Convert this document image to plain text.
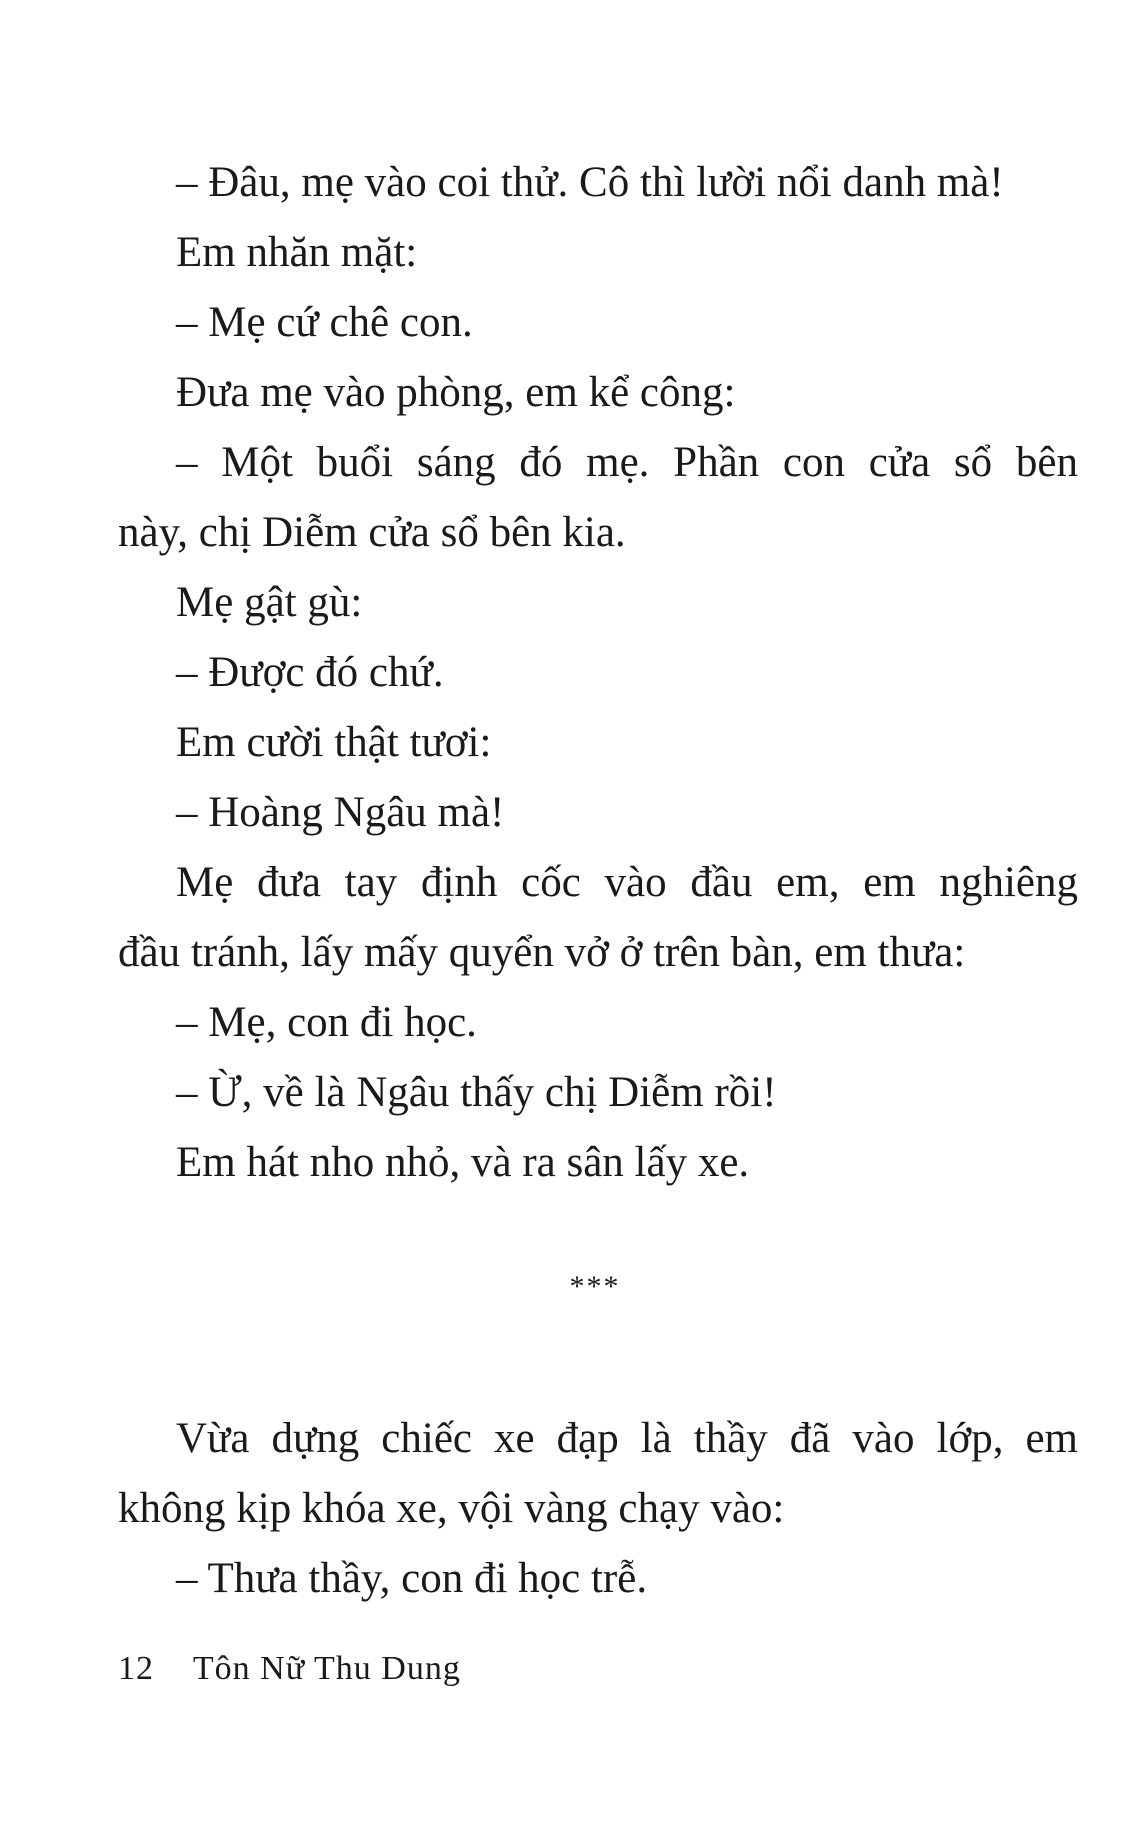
– Đâu, mẹ vào coi thử. Cô thì lười nổi danh mà!
Em nhăn mặt:
– Mẹ cứ chê con.
Đưa mẹ vào phòng, em kể công:
– Một buổi sáng đó mẹ. Phần con cửa sổ bên
này, chị Diễm cửa sổ bên kia.
Mẹ gật gù:
– Được đó chứ.
Em cười thật tươi:
– Hoàng Ngâu mà!
Mẹ đưa tay định cốc vào đầu em, em nghiêng
đầu tránh, lấy mấy quyển vở ở trên bàn, em thưa:
– Mẹ, con đi học.
– Ừ, về là Ngâu thấy chị Diễm rồi!
Em hát nho nhỏ, và ra sân lấy xe.
***
Vừa dựng chiếc xe đạp là thầy đã vào lớp, em
không kịp khóa xe, vội vàng chạy vào:
– Thưa thầy, con đi học trễ.
12 Tôn Nữ Thu Dung
